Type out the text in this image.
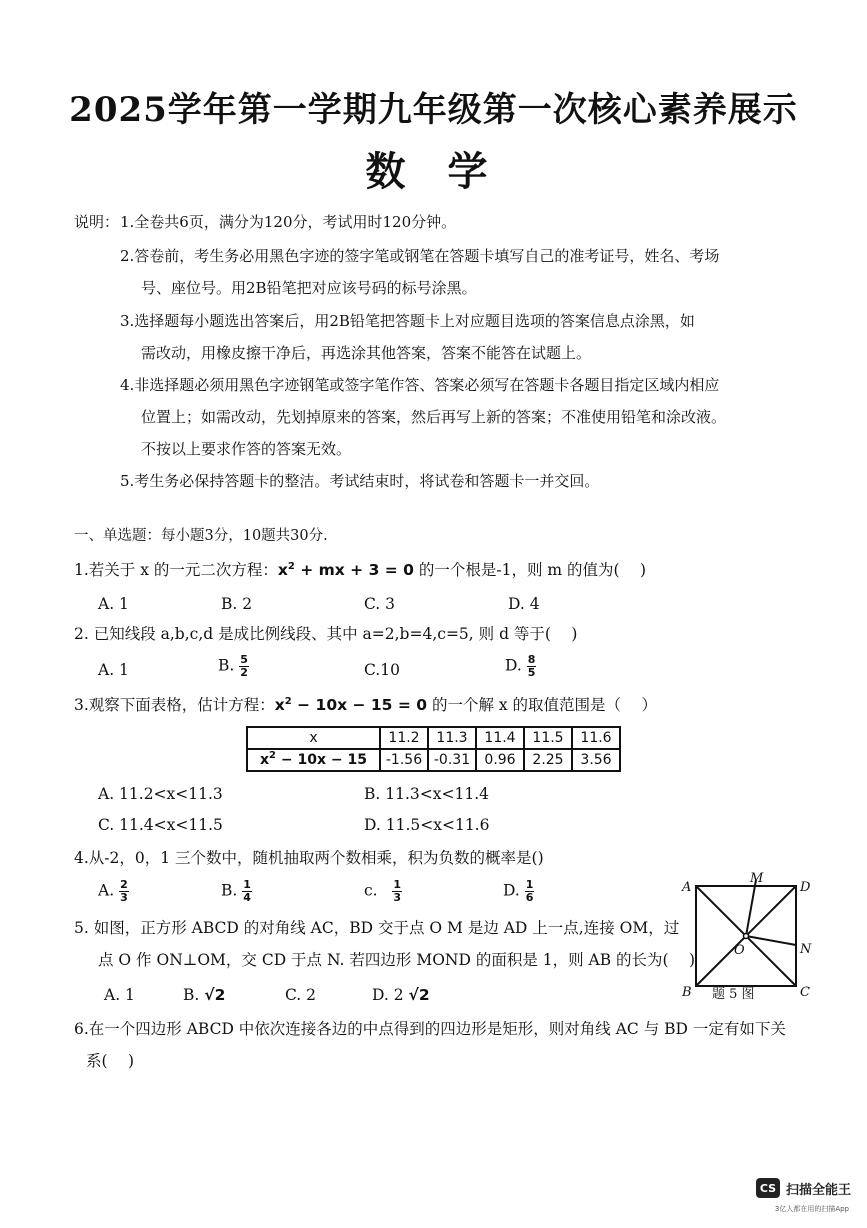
2025学年第一学期九年级第一次核心素养展示
数 学
说明： 1.全卷共6页，满分为120分，考试用时120分钟。
2.答卷前，考生务必用黑色字迹的签字笔或钢笔在答题卡填写自己的准考证号，姓名、考场
号、座位号。用2B铅笔把对应该号码的标号涂黑。
3.选择题每小题选出答案后，用2B铅笔把答题卡上对应题目选项的答案信息点涂黑，如
需改动，用橡皮擦干净后，再选涂其他答案，答案不能答在试题上。
4.非选择题必须用黑色字迹钢笔或签字笔作答、答案必须写在答题卡各题目指定区域内相应
位置上；如需改动，先划掉原来的答案，然后再写上新的答案；不准使用铅笔和涂改液。
不按以上要求作答的答案无效。
5.考生务必保持答题卡的整洁。考试结束时，将试卷和答题卡一并交回。
一、单选题：每小题3分，10题共30分.
1.若关于 x 的一元二次方程：$x^2$ + mx + 3 = 0 的一个根是-1，则 m 的值为(　 )
A. 1	B. 2	C. 3	D. 4
2. 已知线段 a,b,c,d 是成比例线段、其中 a=2,b=4,c=5, 则 d 等于(　 )
A. 1	B. $\frac{5}{2}$	C.10	D. $\frac{8}{5}$
3.观察下面表格，估计方程：$x^2 - 10x - 15 = 0$ 的一个解 x 的取值范围是（　 ）
x	11.2	11.3	11.4	11.5	11.6
$x^2 - 10x - 15$	-1.56	-0.31	0.96	2.25	3.56
A. 11.2<x<11.3	B. 11.3<x<11.4
C. 11.4<x<11.5	D. 11.5<x<11.6
4.从-2，0，1 三个数中，随机抽取两个数相乘，积为负数的概率是()
A. $\frac{2}{3}$	B. $\frac{1}{4}$	c. $\frac{1}{3}$	D. $\frac{1}{6}$
5. 如图，正方形 ABCD 的对角线 AC，BD 交于点 O M 是边 AD 上一点,连接 OM，过
点 O 作 ON⊥OM，交 CD 于点 N. 若四边形 MOND 的面积是 1，则 AB 的长为(　 )
A. 1	B. √2	C. 2	D. 2 √2
A	D
B	C
M
N
O
题 5 图
6.在一个四边形 ABCD 中依次连接各边的中点得到的四边形是矩形，则对角线 AC 与 BD 一定有如下关
系(　 )
CS 扫描全能王
3亿人都在用的扫描App
